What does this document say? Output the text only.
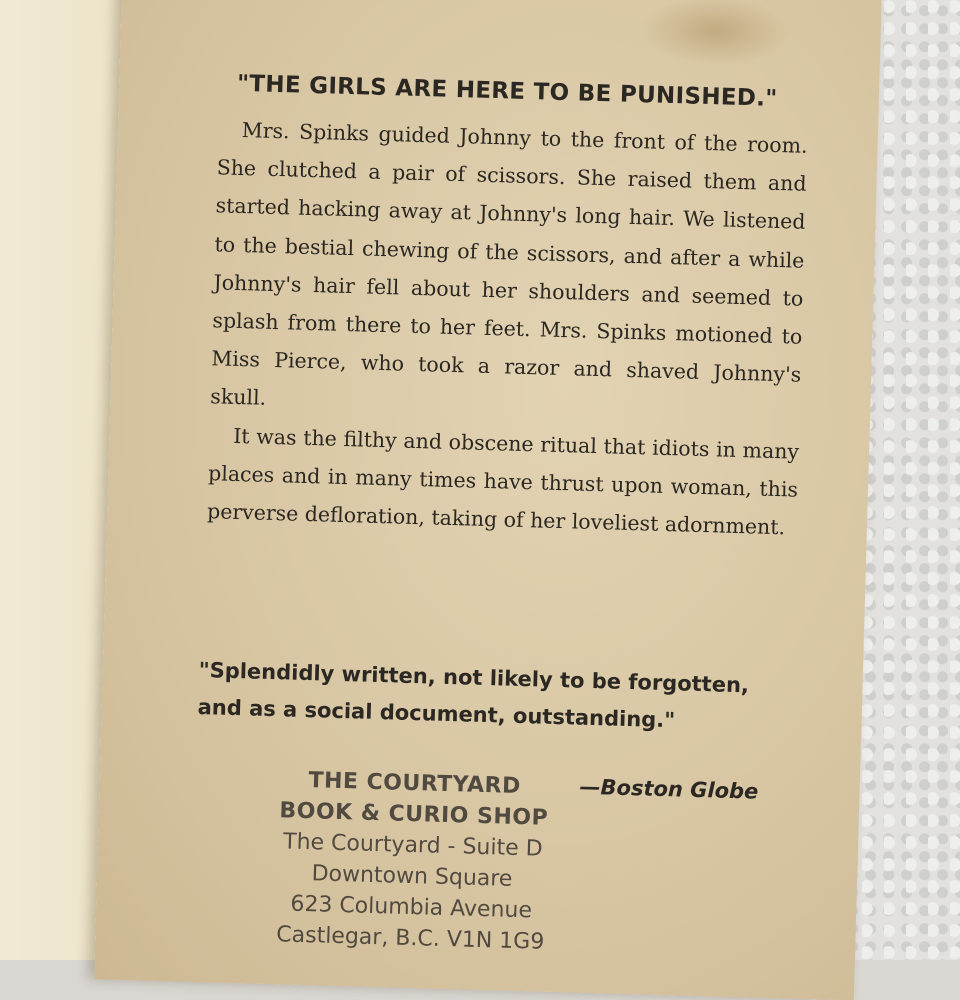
"THE GIRLS ARE HERE TO BE PUNISHED."

Mrs. Spinks guided Johnny to the front of the room. She clutched a pair of scissors. She raised them and started hacking away at Johnny's long hair. We listened to the bestial chewing of the scissors, and after a while Johnny's hair fell about her shoulders and seemed to splash from there to her feet. Mrs. Spinks motioned to Miss Pierce, who took a razor and shaved Johnny's skull.

It was the filthy and obscene ritual that idiots in many places and in many times have thrust upon woman, this perverse defloration, taking of her loveliest adornment.

"Splendidly written, not likely to be forgotten, and as a social document, outstanding."
—Boston Globe
THE COURTYARD
BOOK & CURIO SHOP
The Courtyard - Suite D
Downtown Square
623 Columbia Avenue
Castlegar, B.C. V1N 1G9
